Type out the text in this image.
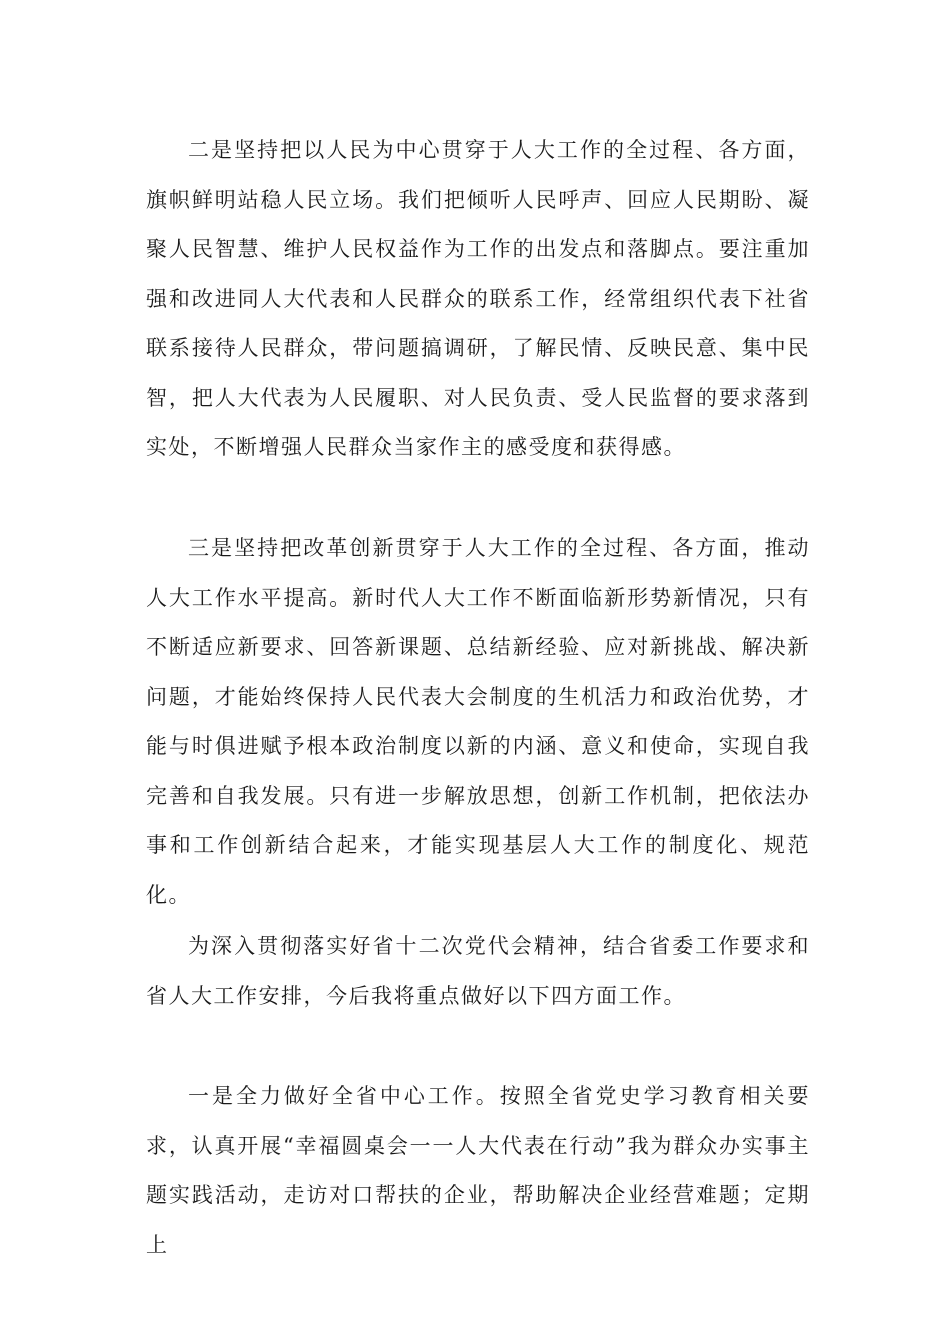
二是坚持把以人民为中心贯穿于人大工作的全过程、各方面，旗帜鲜明站稳人民立场。我们把倾听人民呼声、回应人民期盼、凝聚人民智慧、维护人民权益作为工作的出发点和落脚点。要注重加强和改进同人大代表和人民群众的联系工作，经常组织代表下社省联系接待人民群众，带问题搞调研，了解民情、反映民意、集中民智，把人大代表为人民履职、对人民负责、受人民监督的要求落到实处，不断增强人民群众当家作主的感受度和获得感。

三是坚持把改革创新贯穿于人大工作的全过程、各方面，推动人大工作水平提高。新时代人大工作不断面临新形势新情况，只有不断适应新要求、回答新课题、总结新经验、应对新挑战、解决新问题，才能始终保持人民代表大会制度的生机活力和政治优势，才能与时俱进赋予根本政治制度以新的内涵、意义和使命，实现自我完善和自我发展。只有进一步解放思想，创新工作机制，把依法办事和工作创新结合起来，才能实现基层人大工作的制度化、规范化。

为深入贯彻落实好省十二次党代会精神，结合省委工作要求和省人大工作安排，今后我将重点做好以下四方面工作。

一是全力做好全省中心工作。按照全省党史学习教育相关要求，认真开展“幸福圆桌会一一人大代表在行动”我为群众办实事主题实践活动，走访对口帮扶的企业，帮助解决企业经营难题；定期上
